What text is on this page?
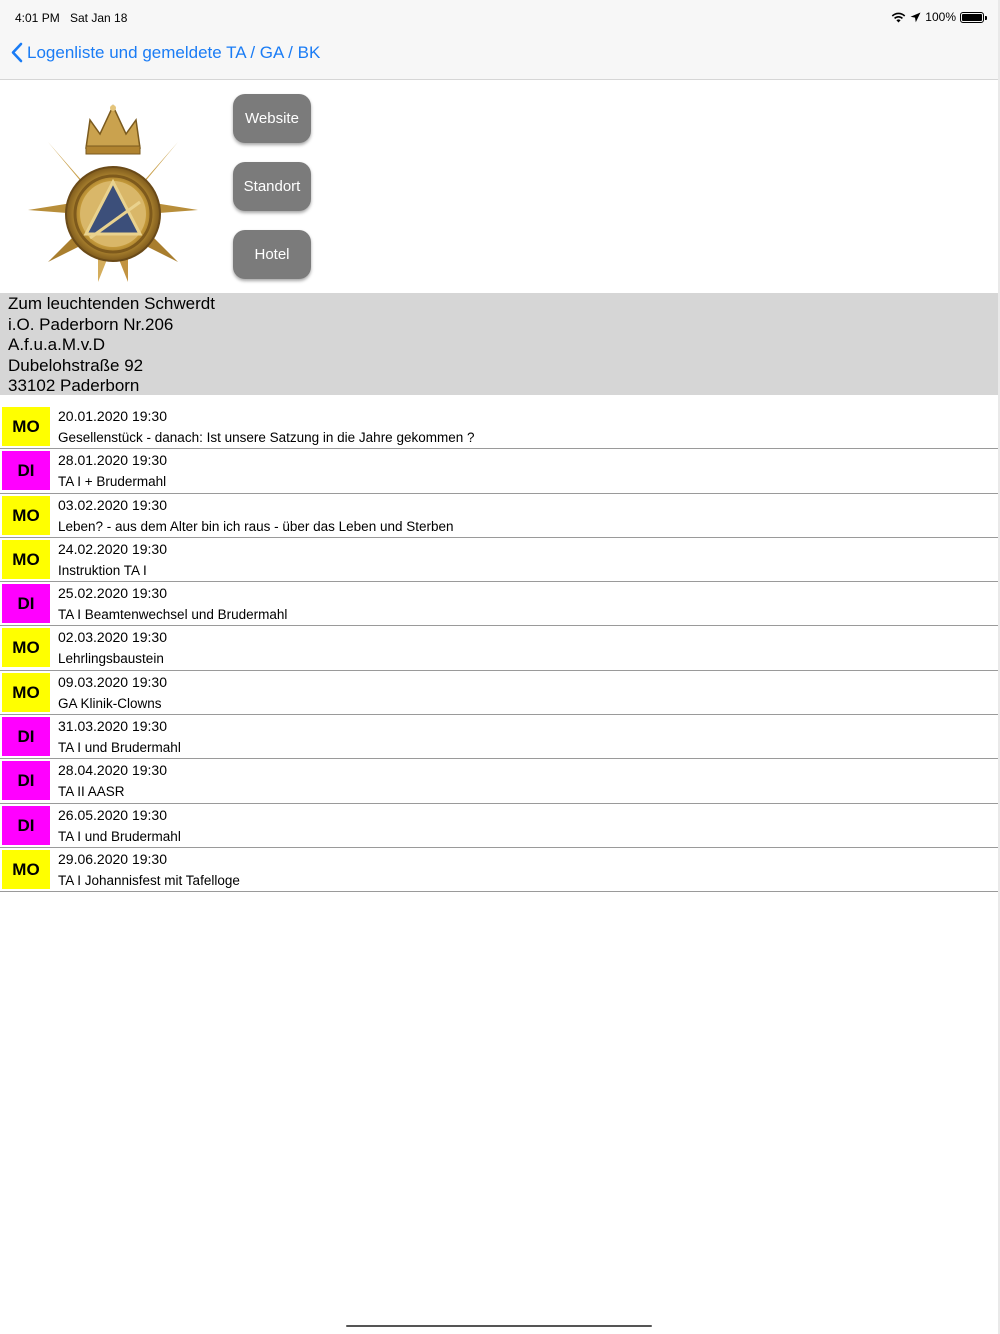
4:01 PM Sat Jan 18	100%
Logenliste und gemeldete TA / GA / BK
Website
Standort
Hotel
Zum leuchtenden Schwerdt
i.O. Paderborn Nr.206
A.f.u.a.M.v.D
Dubelohstraße 92
33102 Paderborn
MO
20.01.2020 19:30
Gesellenstück - danach: Ist unsere Satzung in die Jahre gekommen ?
DI
28.01.2020 19:30
TA I + Brudermahl
MO
03.02.2020 19:30
Leben? - aus dem Alter bin ich raus - über das Leben und Sterben
MO
24.02.2020 19:30
Instruktion TA I
DI
25.02.2020 19:30
TA I Beamtenwechsel und Brudermahl
MO
02.03.2020 19:30
Lehrlingsbaustein
MO
09.03.2020 19:30
GA Klinik-Clowns
DI
31.03.2020 19:30
TA I und Brudermahl
DI
28.04.2020 19:30
TA II AASR
DI
26.05.2020 19:30
TA I und Brudermahl
MO
29.06.2020 19:30
TA I Johannisfest mit Tafelloge
